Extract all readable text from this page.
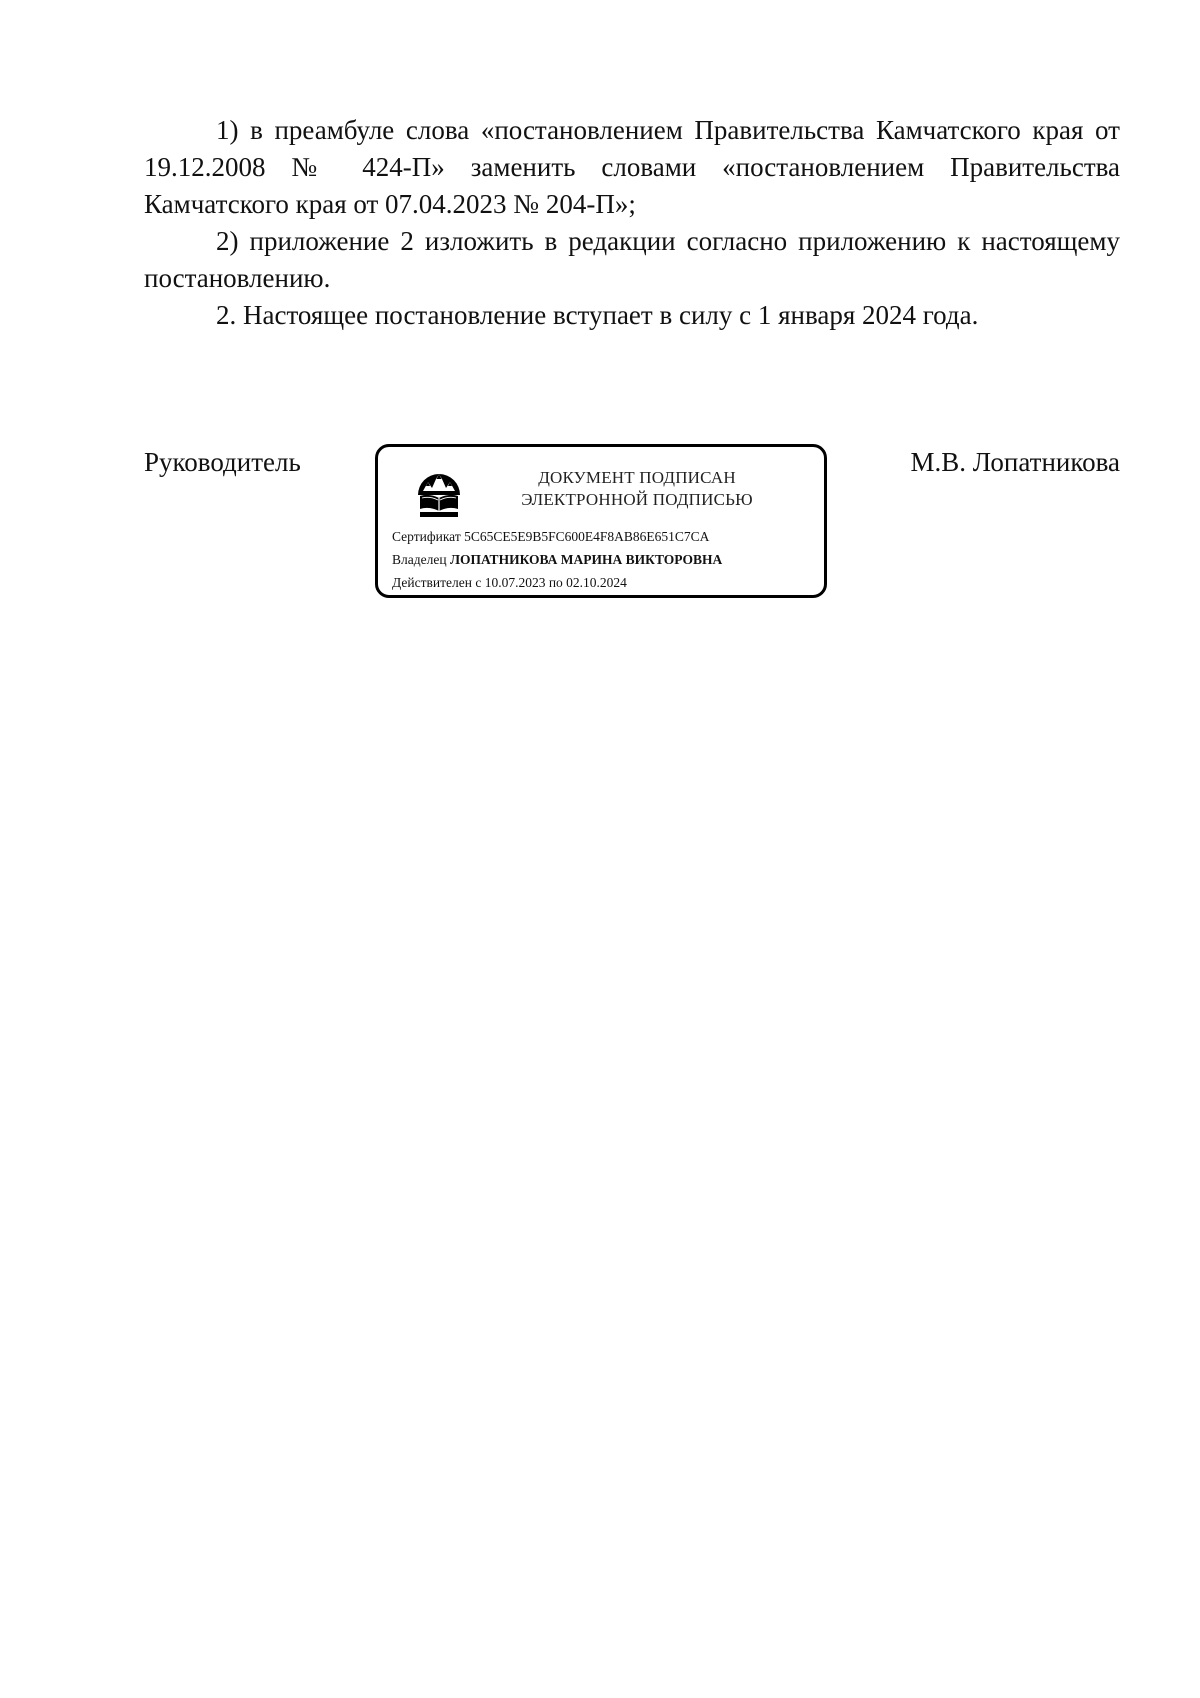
1) в преамбуле слова «постановлением Правительства Камчатского края от 19.12.2008 № 424-П» заменить словами «постановлением Правительства Камчатского края от 07.04.2023 № 204-П»;

2) приложение 2 изложить в редакции согласно приложению к настоящему постановлению.

2. Настоящее постановление вступает в силу с 1 января 2024 года.

Руководитель
ДОКУМЕНТ ПОДПИСАН
ЭЛЕКТРОННОЙ ПОДПИСЬЮ
Сертификат 5C65CE5E9B5FC600E4F8AB86E651C7CA
Владелец ЛОПАТНИКОВА МАРИНА ВИКТОРОВНА
Действителен с 10.07.2023 по 02.10.2024
М.В. Лопатникова
